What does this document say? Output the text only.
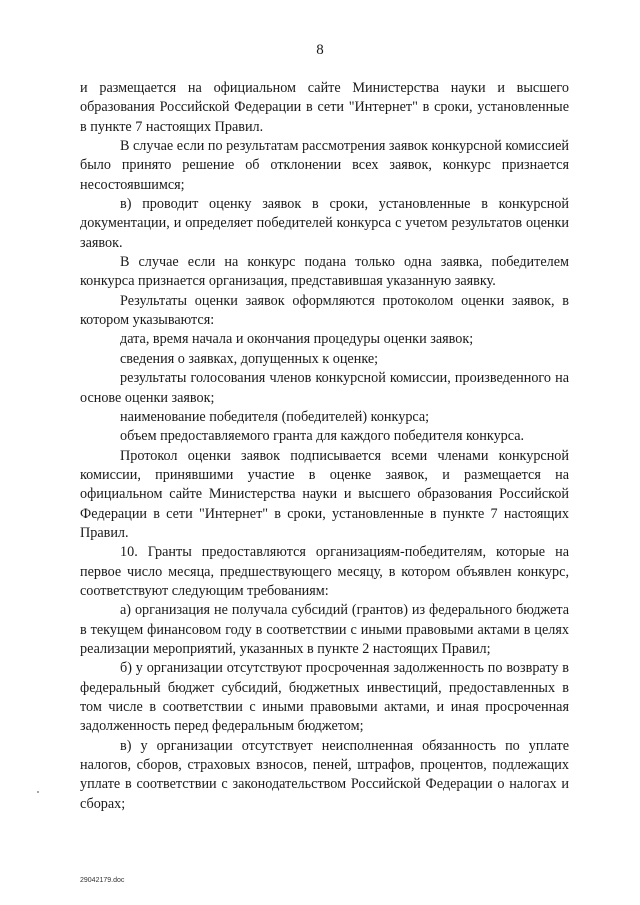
8

и размещается на официальном сайте Министерства науки и высшего образования Российской Федерации в сети "Интернет" в сроки, установленные в пункте 7 настоящих Правил.

В случае если по результатам рассмотрения заявок конкурсной комиссией было принято решение об отклонении всех заявок, конкурс признается несостоявшимся;

в) проводит оценку заявок в сроки, установленные в конкурсной документации, и определяет победителей конкурса с учетом результатов оценки заявок.

В случае если на конкурс подана только одна заявка, победителем конкурса признается организация, представившая указанную заявку.

Результаты оценки заявок оформляются протоколом оценки заявок, в котором указываются:

дата, время начала и окончания процедуры оценки заявок;

сведения о заявках, допущенных к оценке;

результаты голосования членов конкурсной комиссии, произведенного на основе оценки заявок;

наименование победителя (победителей) конкурса;

объем предоставляемого гранта для каждого победителя конкурса.

Протокол оценки заявок подписывается всеми членами конкурсной комиссии, принявшими участие в оценке заявок, и размещается на официальном сайте Министерства науки и высшего образования Российской Федерации в сети "Интернет" в сроки, установленные в пункте 7 настоящих Правил.

10. Гранты предоставляются организациям-победителям, которые на первое число месяца, предшествующего месяцу, в котором объявлен конкурс, соответствуют следующим требованиям:

а) организация не получала субсидий (грантов) из федерального бюджета в текущем финансовом году в соответствии с иными правовыми актами в целях реализации мероприятий, указанных в пункте 2 настоящих Правил;

б) у организации отсутствуют просроченная задолженность по возврату в федеральный бюджет субсидий, бюджетных инвестиций, предоставленных в том числе в соответствии с иными правовыми актами, и иная просроченная задолженность перед федеральным бюджетом;

в) у организации отсутствует неисполненная обязанность по уплате налогов, сборов, страховых взносов, пеней, штрафов, процентов, подлежащих уплате в соответствии с законодательством Российской Федерации о налогах и сборах;

29042179.doc
